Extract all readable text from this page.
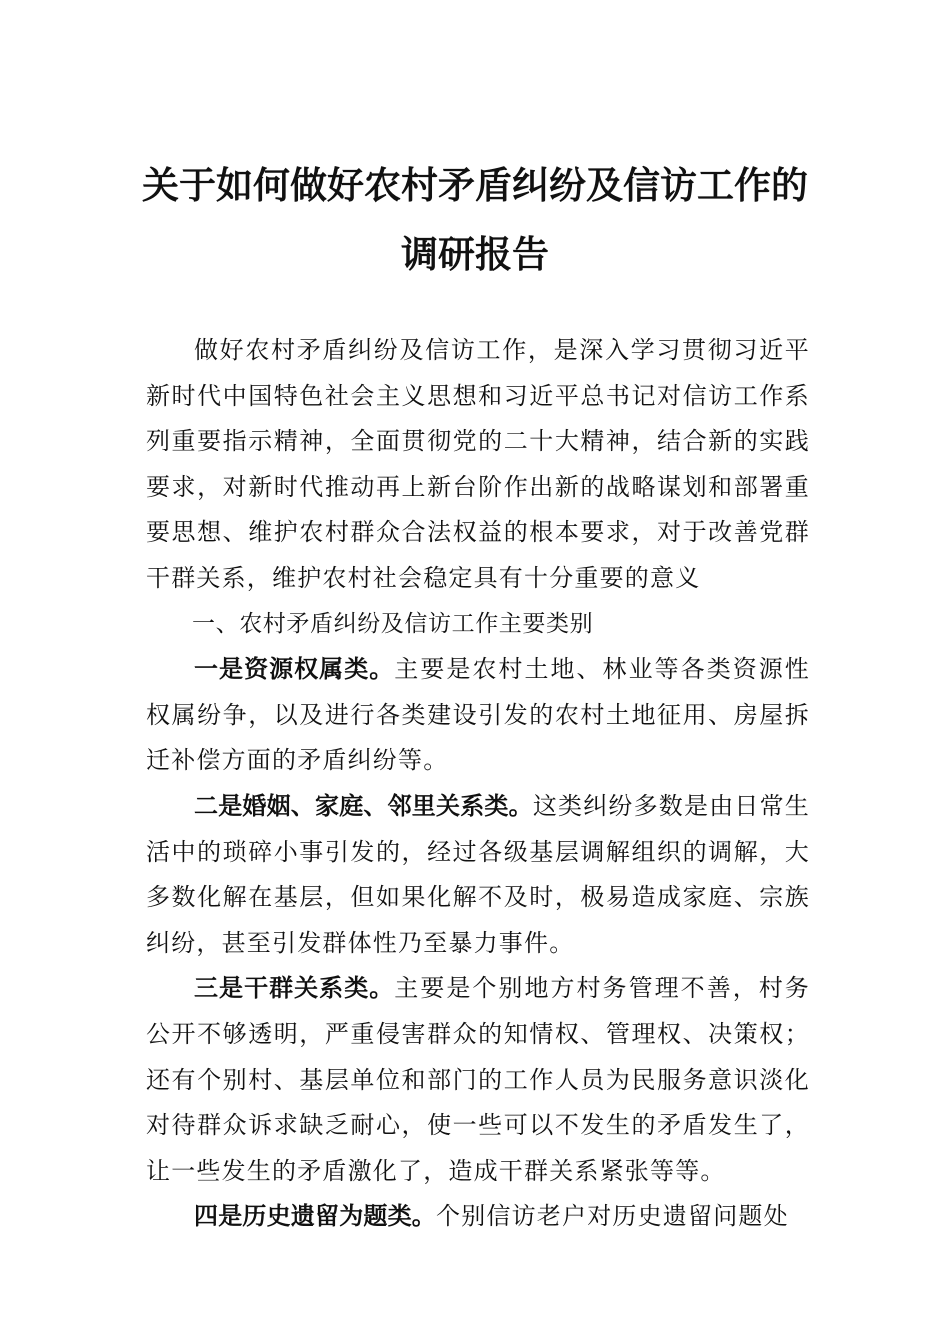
关于如何做好农村矛盾纠纷及信访工作的
调研报告

做好农村矛盾纠纷及信访工作，是深入学习贯彻习近平新时代中国特色社会主义思想和习近平总书记对信访工作系列重要指示精神，全面贯彻党的二十大精神，结合新的实践要求，对新时代推动再上新台阶作出新的战略谋划和部署重要思想、维护农村群众合法权益的根本要求，对于改善党群干群关系，维护农村社会稳定具有十分重要的意义

一、农村矛盾纠纷及信访工作主要类别

一是资源权属类。主要是农村土地、林业等各类资源性权属纷争，以及进行各类建设引发的农村土地征用、房屋拆迁补偿方面的矛盾纠纷等。

二是婚姻、家庭、邻里关系类。这类纠纷多数是由日常生活中的琐碎小事引发的，经过各级基层调解组织的调解，大多数化解在基层，但如果化解不及时，极易造成家庭、宗族纠纷，甚至引发群体性乃至暴力事件。

三是干群关系类。主要是个别地方村务管理不善，村务公开不够透明，严重侵害群众的知情权、管理权、决策权；还有个别村、基层单位和部门的工作人员为民服务意识淡化对待群众诉求缺乏耐心，使一些可以不发生的矛盾发生了，让一些发生的矛盾激化了，造成干群关系紧张等等。

四是历史遗留为题类。个别信访老户对历史遗留问题处
